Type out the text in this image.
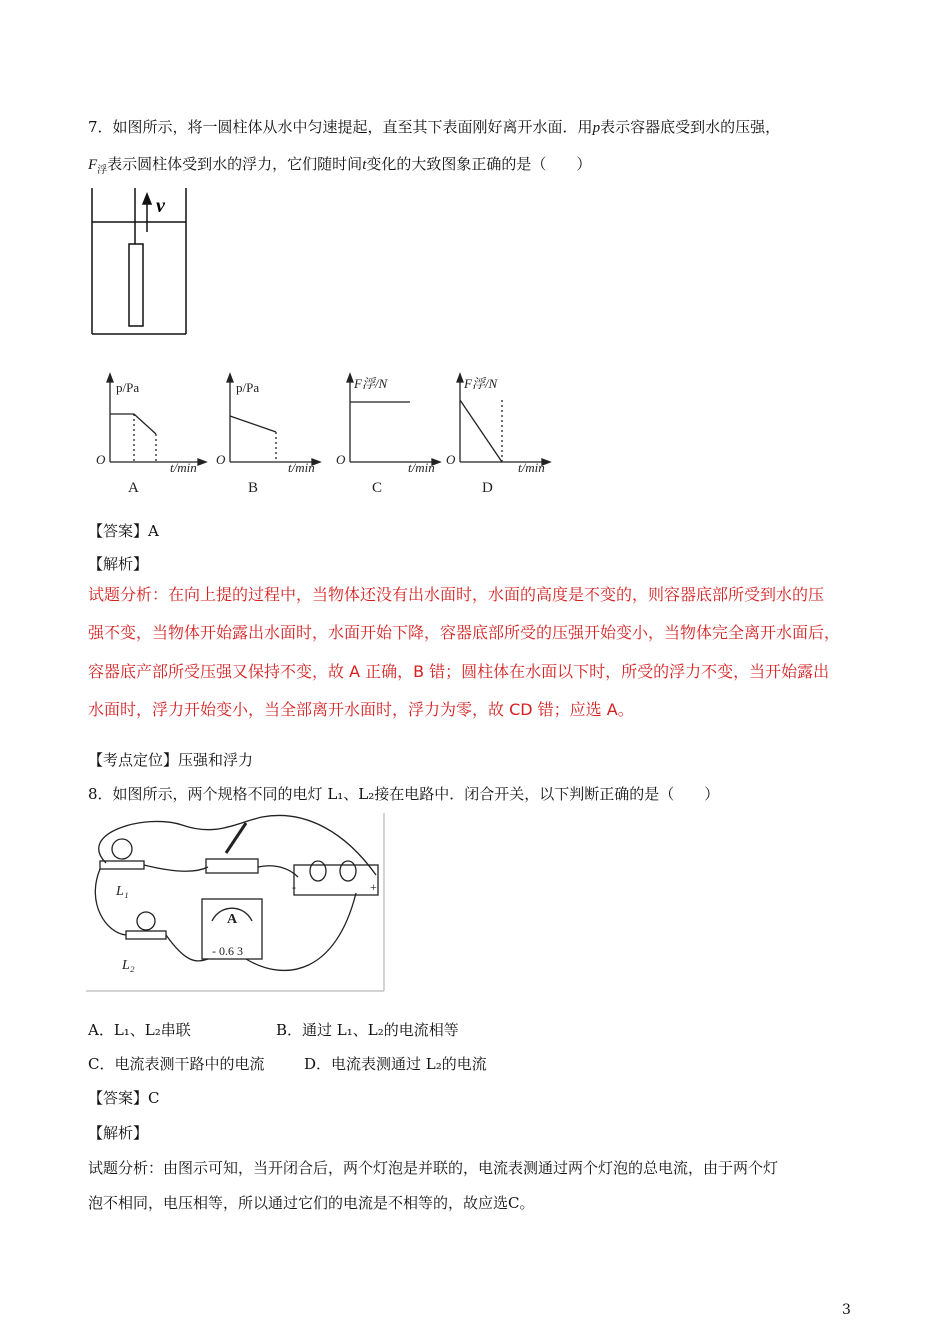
7．如图所示，将一圆柱体从水中匀速提起，直至其下表面刚好离开水面．用p表示容器底受到水的压强，
$F_浮$表示圆柱体受到水的浮力，它们随时间t变化的大致图象正确的是（　　）
v
p/Pa
O
t/min
A
p/Pa
O
t/min
B
F浮/N
O
t/min
C
F浮/N
O
t/min
D
【答案】A
【解析】
试题分析：在向上提的过程中，当物体还没有出水面时，水面的高度是不变的，则容器底部所受到水的压
强不变，当物体开始露出水面时，水面开始下降，容器底部所受的压强开始变小，当物体完全离开水面后，
容器底产部所受压强又保持不变，故 A 正确，B 错；圆柱体在水面以下时，所受的浮力不变，当开始露出
水面时，浮力开始变小，当全部离开水面时，浮力为零，故 CD 错；应选 A。
【考点定位】压强和浮力
8．如图所示，两个规格不同的电灯 L₁、L₂接在电路中．闭合开关，以下判断正确的是（　　）
L₁
L₂
A
- 0.6 3
-	+
A．L₁、L₂串联	B．通过 L₁、L₂的电流相等
C．电流表测干路中的电流	D．电流表测通过 L₂的电流
【答案】C
【解析】
试题分析：由图示可知，当开闭合后，两个灯泡是并联的，电流表测通过两个灯泡的总电流，由于两个灯
泡不相同，电压相等，所以通过它们的电流是不相等的，故应选C。
3
